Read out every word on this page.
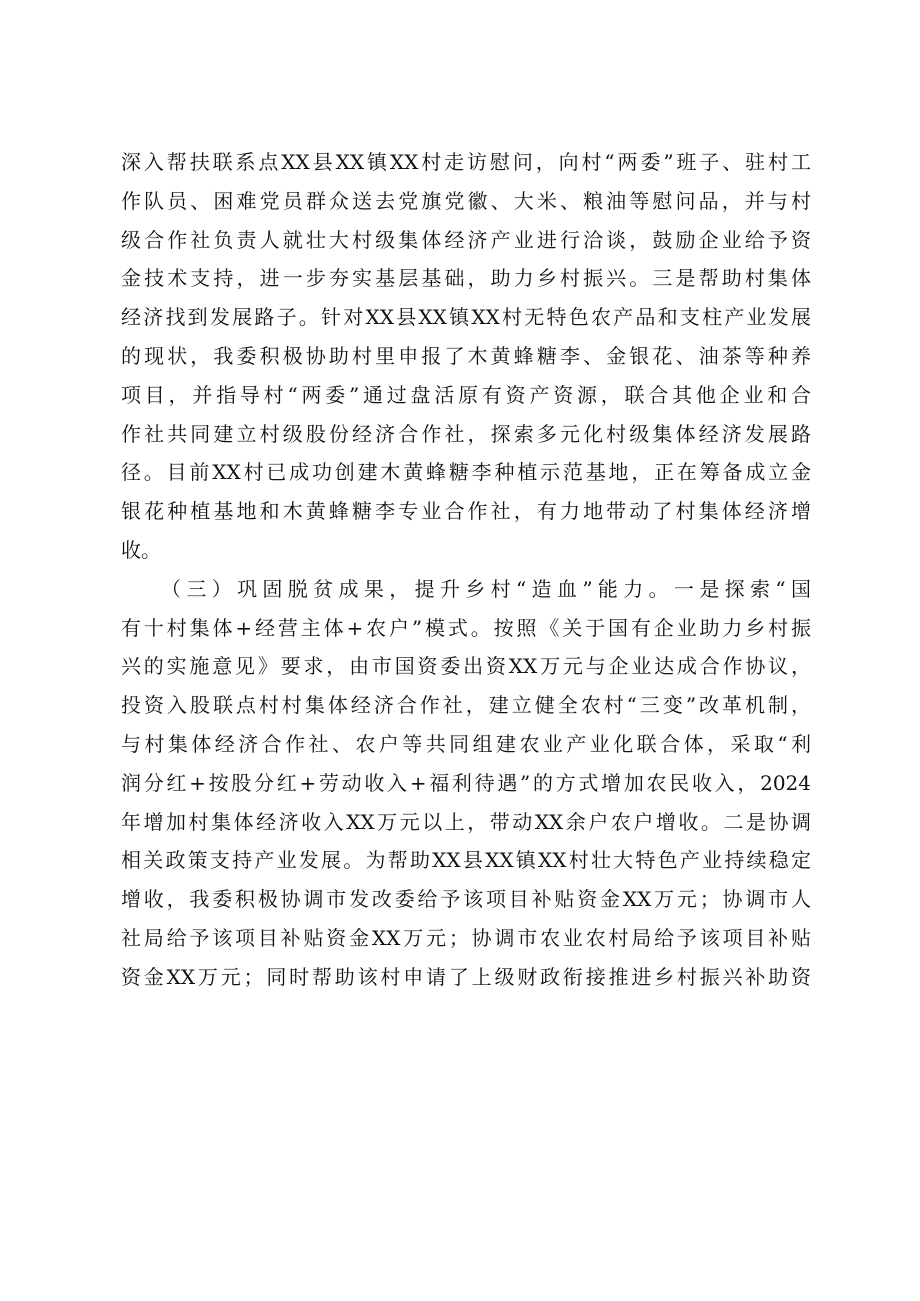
深入帮扶联系点XX县XX镇XX村走访慰问，向村“两委”班子、驻村工
作队员、困难党员群众送去党旗党徽、大米、粮油等慰问品，并与村
级合作社负责人就壮大村级集体经济产业进行洽谈，鼓励企业给予资
金技术支持，进一步夯实基层基础，助力乡村振兴。三是帮助村集体
经济找到发展路子。针对XX县XX镇XX村无特色农产品和支柱产业发展
的现状，我委积极协助村里申报了木黄蜂糖李、金银花、油茶等种养
项目，并指导村“两委”通过盘活原有资产资源，联合其他企业和合
作社共同建立村级股份经济合作社，探索多元化村级集体经济发展路
径。目前XX村已成功创建木黄蜂糖李种植示范基地，正在筹备成立金
银花种植基地和木黄蜂糖李专业合作社，有力地带动了村集体经济增
收。
（三）巩固脱贫成果，提升乡村“造血”能力。一是探索“国
有十村集体+经营主体+农户”模式。按照《关于国有企业助力乡村振
兴的实施意见》要求，由市国资委出资XX万元与企业达成合作协议，
投资入股联点村村集体经济合作社，建立健全农村“三变”改革机制，
与村集体经济合作社、农户等共同组建农业产业化联合体，采取“利
润分红+按股分红+劳动收入+福利待遇”的方式增加农民收入，2024
年增加村集体经济收入XX万元以上，带动XX余户农户增收。二是协调
相关政策支持产业发展。为帮助XX县XX镇XX村壮大特色产业持续稳定
增收，我委积极协调市发改委给予该项目补贴资金XX万元；协调市人
社局给予该项目补贴资金XX万元；协调市农业农村局给予该项目补贴
资金XX万元；同时帮助该村申请了上级财政衔接推进乡村振兴补助资
